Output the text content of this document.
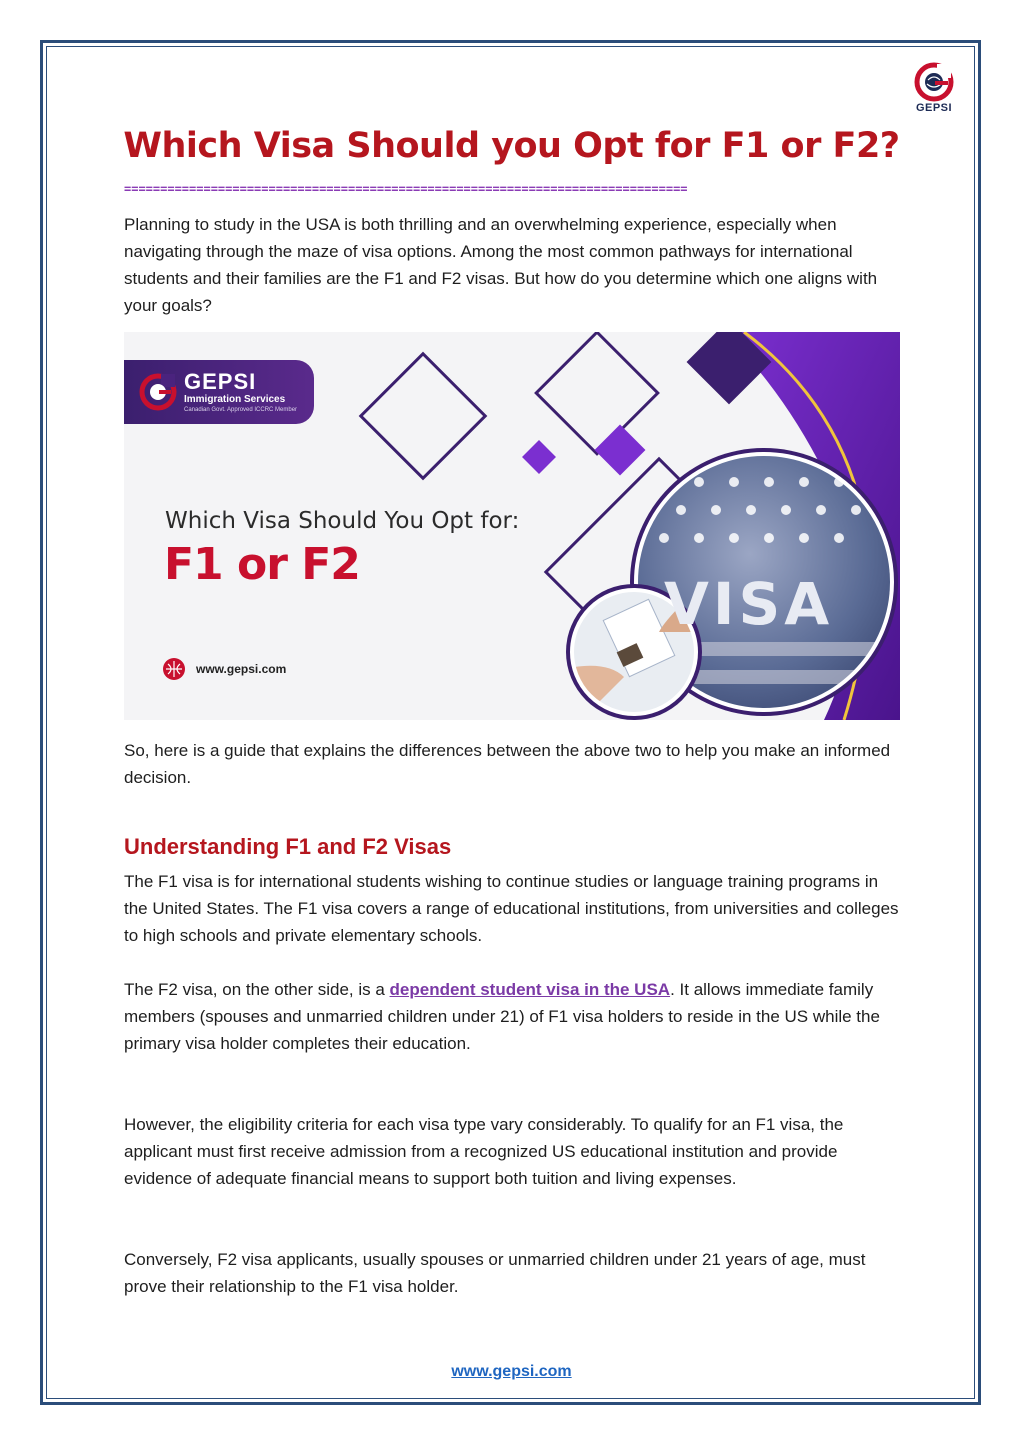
GEPSI
Which Visa Should you Opt for F1 or F2?
==============================================================================

Planning to study in the USA is both thrilling and an overwhelming experience, especially when navigating through the maze of visa options. Among the most common pathways for international students and their families are the F1 and F2 visas. But how do you determine which one aligns with your goals?

GEPSI
Immigration Services
Canadian Govt. Approved ICCRC Member
Which Visa Should You Opt for:
F1 or F2
www.gepsi.com
VISA

So, here is a guide that explains the differences between the above two to help you make an informed decision.

Understanding F1 and F2 Visas

The F1 visa is for international students wishing to continue studies or language training programs in the United States. The F1 visa covers a range of educational institutions, from universities and colleges to high schools and private elementary schools.

The F2 visa, on the other side, is a dependent student visa in the USA. It allows immediate family members (spouses and unmarried children under 21) of F1 visa holders to reside in the US while the primary visa holder completes their education.

However, the eligibility criteria for each visa type vary considerably. To qualify for an F1 visa, the applicant must first receive admission from a recognized US educational institution and provide evidence of adequate financial means to support both tuition and living expenses.

Conversely, F2 visa applicants, usually spouses or unmarried children under 21 years of age, must prove their relationship to the F1 visa holder.

www.gepsi.com
